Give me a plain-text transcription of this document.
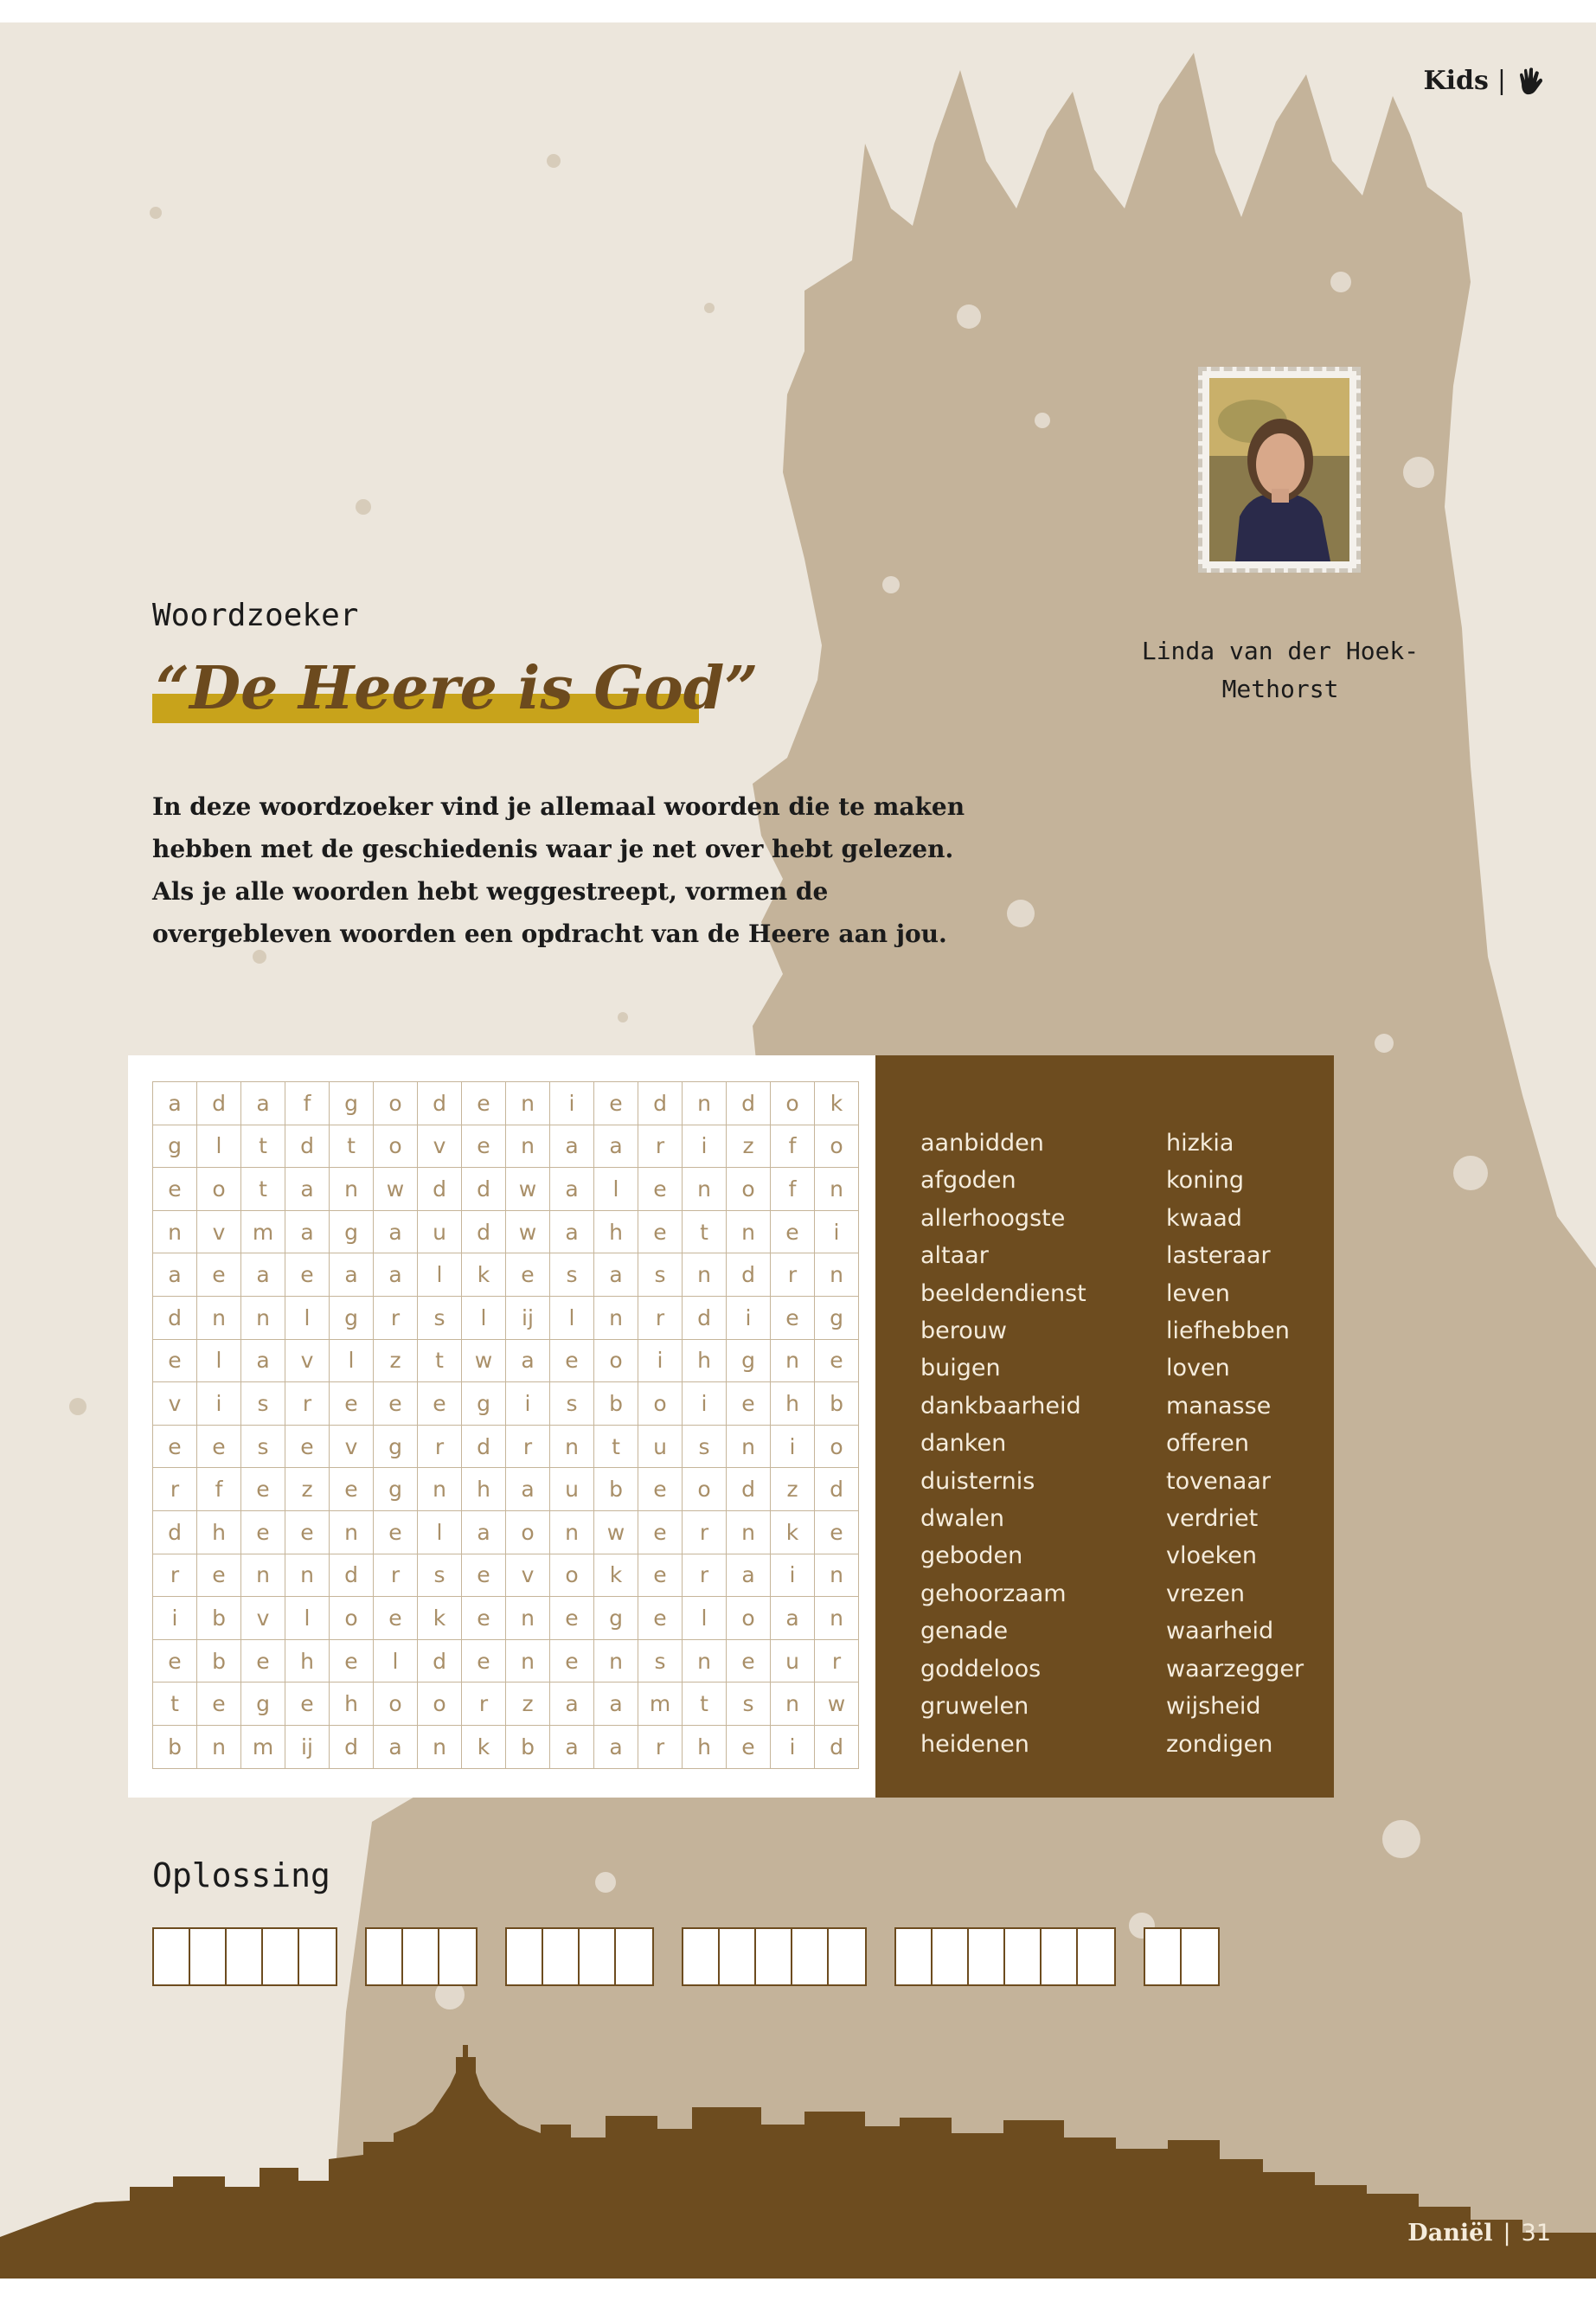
Kids |
Linda van der Hoek-
Methorst
Woordzoeker
“De Heere is God”

In deze woordzoeker vind je allemaal woorden die te maken hebben met de geschiedenis waar je net over hebt gelezen. Als je alle woorden hebt weggestreept, vormen de overgebleven woorden een opdracht van de Heere aan jou.

a	d	a	f	g	o	d	e	n	i	e	d	n	d	o	k
g	l	t	d	t	o	v	e	n	a	a	r	i	z	f	o
e	o	t	a	n	w	d	d	w	a	l	e	n	o	f	n
n	v	m	a	g	a	u	d	w	a	h	e	t	n	e	i
a	e	a	e	a	a	l	k	e	s	a	s	n	d	r	n
d	n	n	l	g	r	s	l	ij	l	n	r	d	i	e	g
e	l	a	v	l	z	t	w	a	e	o	i	h	g	n	e
v	i	s	r	e	e	e	g	i	s	b	o	i	e	h	b
e	e	s	e	v	g	r	d	r	n	t	u	s	n	i	o
r	f	e	z	e	g	n	h	a	u	b	e	o	d	z	d
d	h	e	e	n	e	l	a	o	n	w	e	r	n	k	e
r	e	n	n	d	r	s	e	v	o	k	e	r	a	i	n
i	b	v	l	o	e	k	e	n	e	g	e	l	o	a	n
e	b	e	h	e	l	d	e	n	e	n	s	n	e	u	r
t	e	g	e	h	o	o	r	z	a	a	m	t	s	n	w
b	n	m	ij	d	a	n	k	b	a	a	r	h	e	i	d
aanbidden
afgoden
allerhoogste
altaar
beeldendienst
berouw
buigen
dankbaarheid
danken
duisternis
dwalen
geboden
gehoorzaam
genade
goddeloos
gruwelen
heidenen
hizkia
koning
kwaad
lasteraar
leven
liefhebben
loven
manasse
offeren
tovenaar
verdriet
vloeken
vrezen
waarheid
waarzegger
wijsheid
zondigen
Oplossing
Daniël | 31
